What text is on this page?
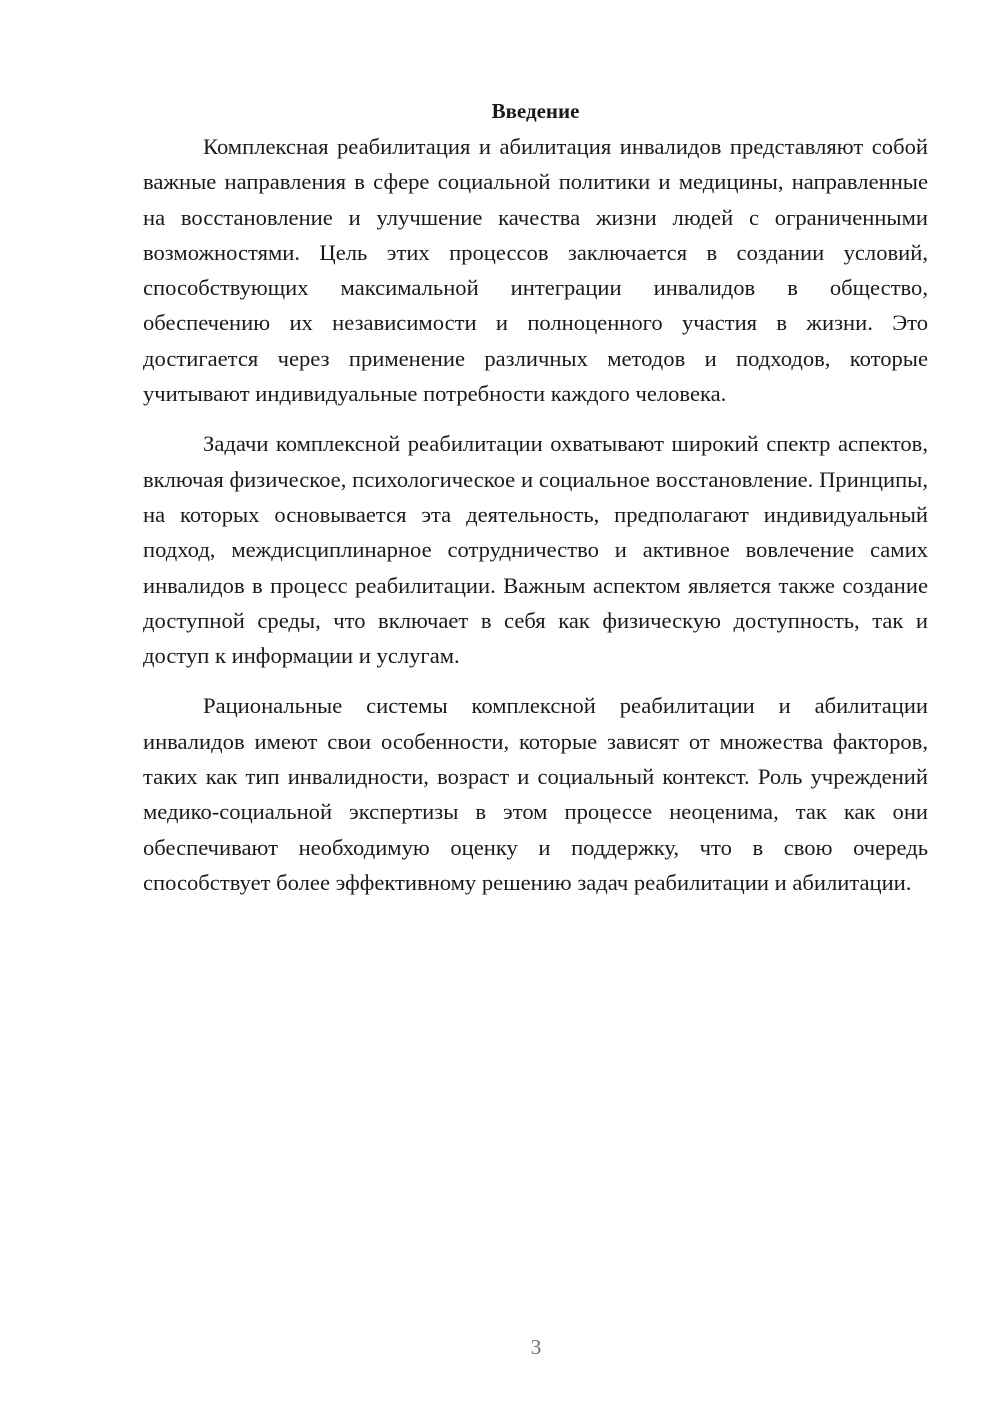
Введение

Комплексная реабилитация и абилитация инвалидов представляют собой важные направления в сфере социальной политики и медицины, направленные на восстановление и улучшение качества жизни людей с ограниченными возможностями. Цель этих процессов заключается в создании условий, способствующих максимальной интеграции инвалидов в общество, обеспечению их независимости и полноценного участия в жизни. Это достигается через применение различных методов и подходов, которые учитывают индивидуальные потребности каждого человека.

Задачи комплексной реабилитации охватывают широкий спектр аспектов, включая физическое, психологическое и социальное восстановление. Принципы, на которых основывается эта деятельность, предполагают индивидуальный подход, междисциплинарное сотрудничество и активное вовлечение самих инвалидов в процесс реабилитации. Важным аспектом является также создание доступной среды, что включает в себя как физическую доступность, так и доступ к информации и услугам.

Рациональные системы комплексной реабилитации и абилитации инвалидов имеют свои особенности, которые зависят от множества факторов, таких как тип инвалидности, возраст и социальный контекст. Роль учреждений медико-социальной экспертизы в этом процессе неоценима, так как они обеспечивают необходимую оценку и поддержку, что в свою очередь способствует более эффективному решению задач реабилитации и абилитации.

3
